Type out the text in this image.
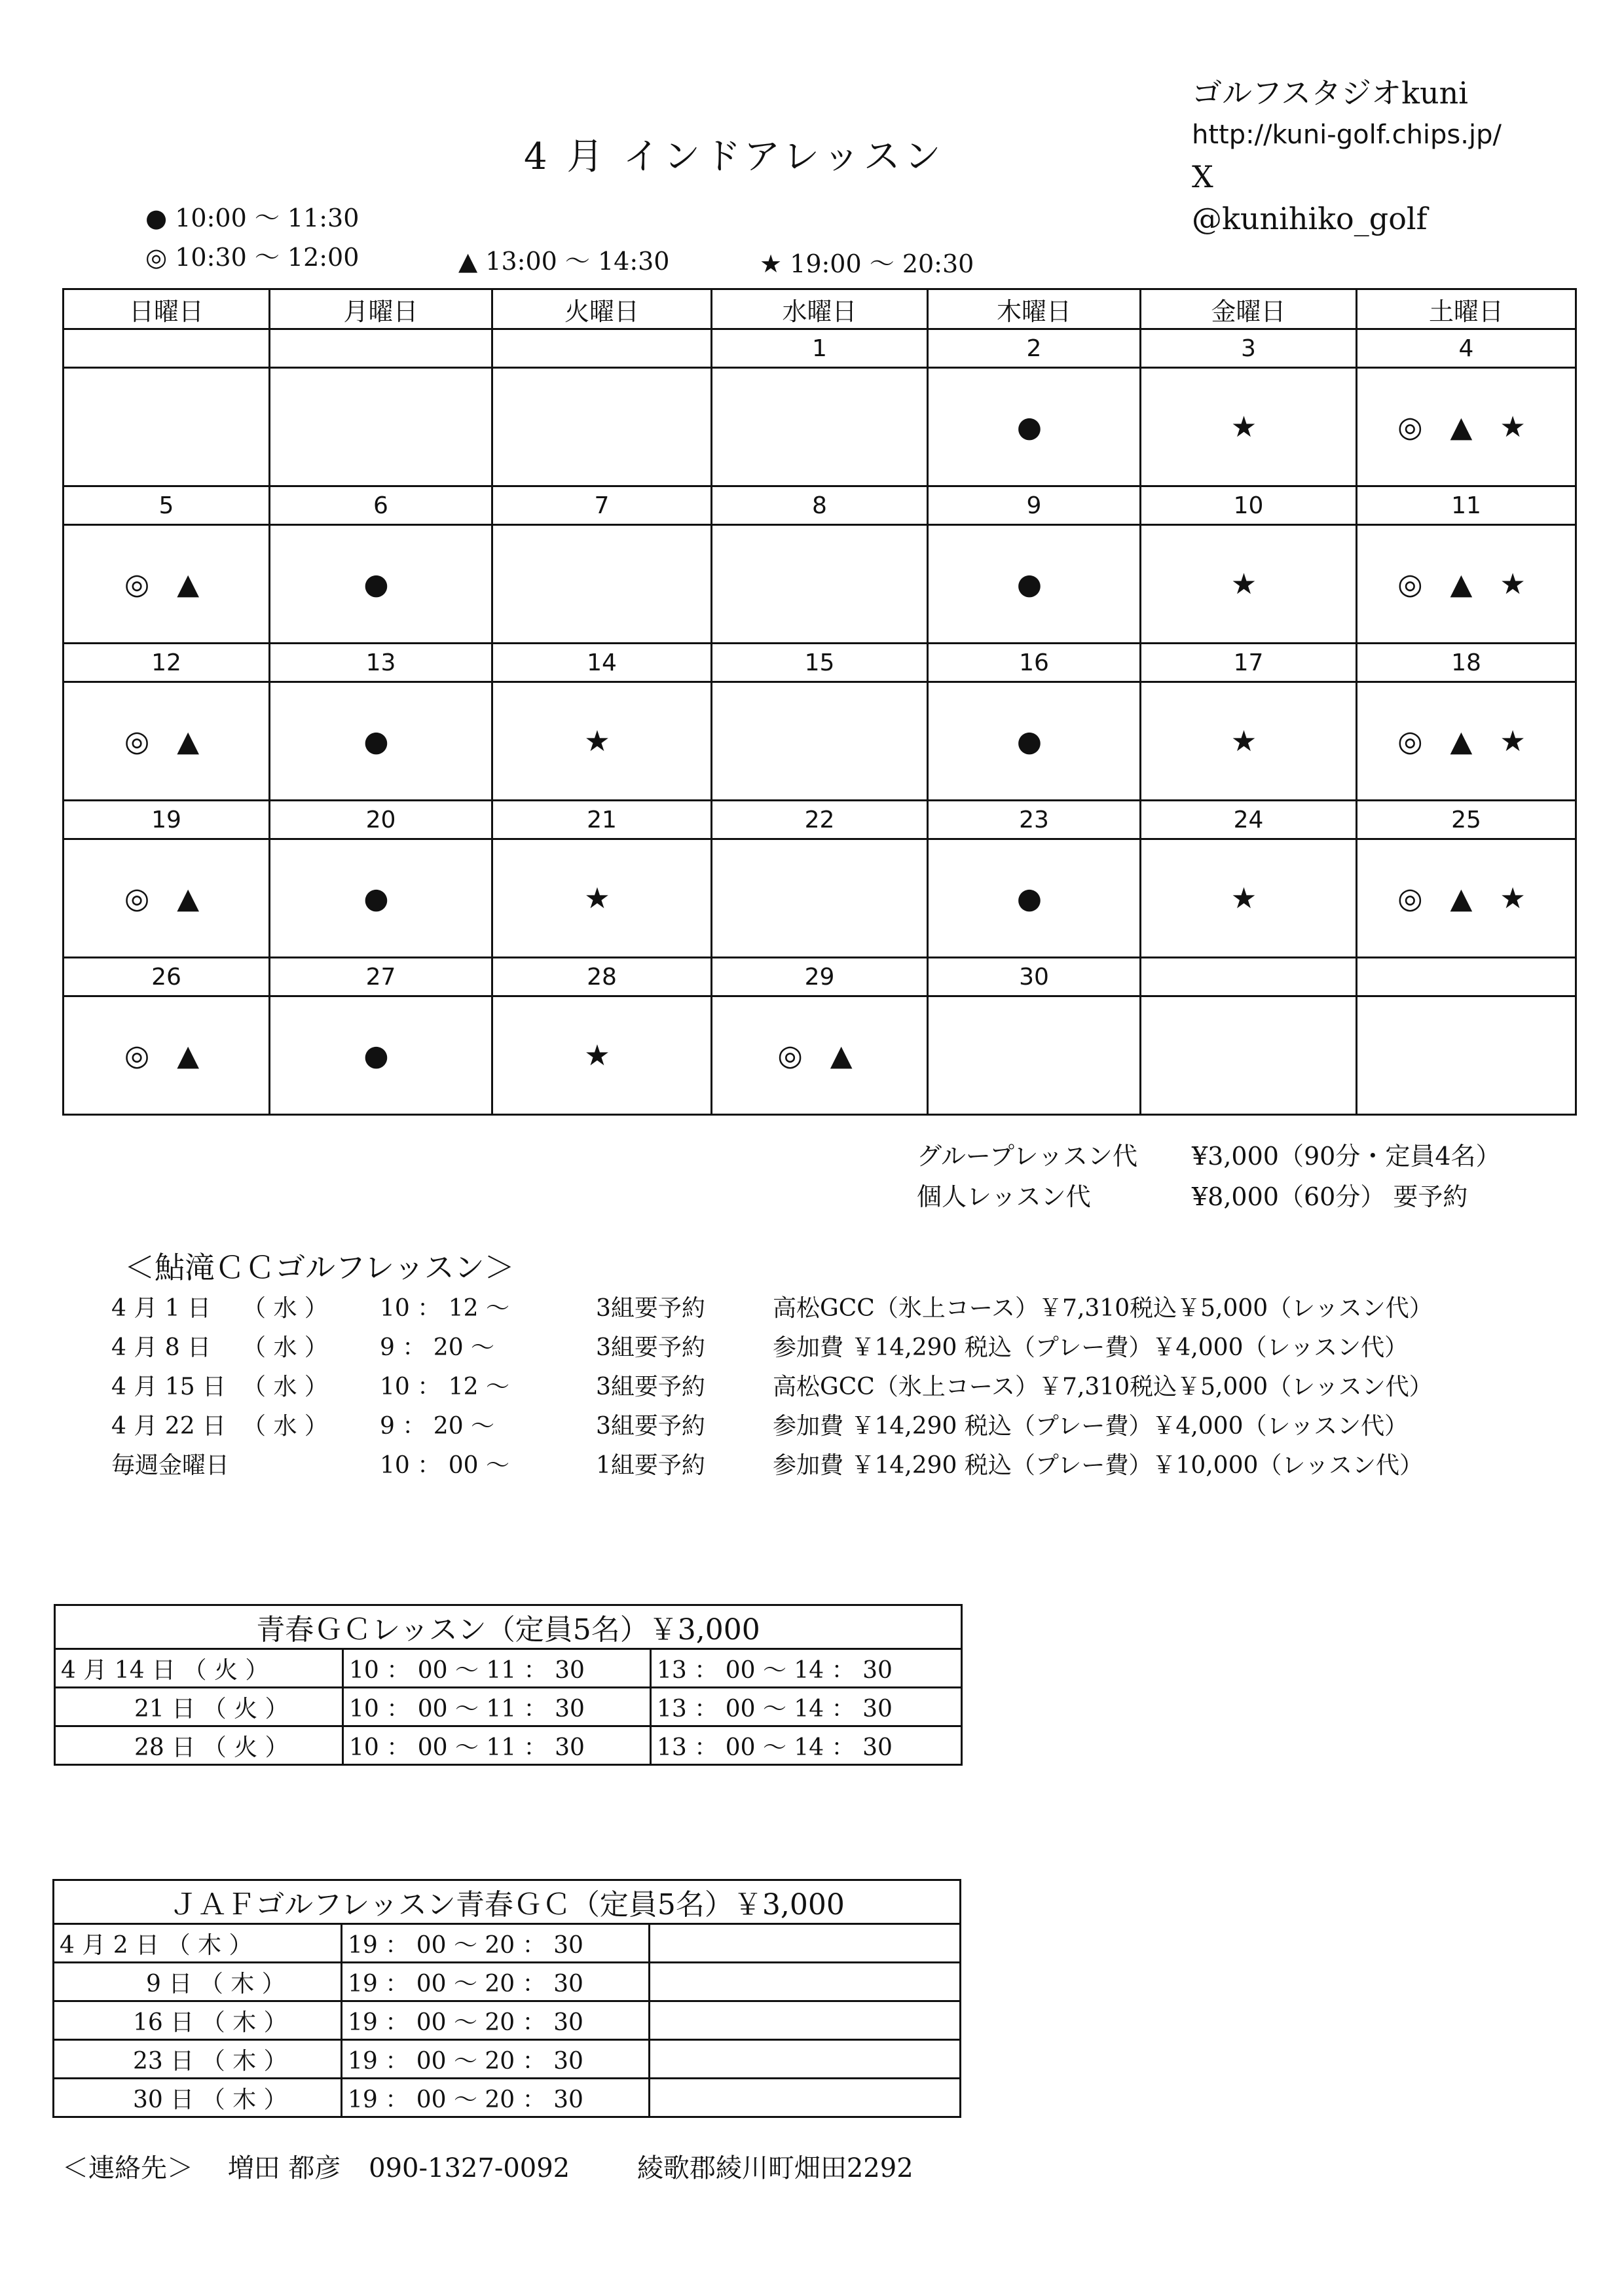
ゴルフスタジオkuni
http://kuni-golf.chips.jp/
X
@kunihiko_golf
4 月 インドアレッスン
● 10:00 ～ 11:30
◎ 10:30 ～ 12:00	▲ 13:00 ～ 14:30	★ 19:00 ～ 20:30
日曜日	月曜日	火曜日	水曜日	木曜日	金曜日	土曜日
			1	2	3	4
				●	★	◎ ▲ ★
5	6	7	8	9	10	11
◎ ▲	●			●	★	◎ ▲ ★
12	13	14	15	16	17	18
◎ ▲	●	★		●	★	◎ ▲ ★
19	20	21	22	23	24	25
◎ ▲	●	★		●	★	◎ ▲ ★
26	27	28	29	30		
◎ ▲	●	★	◎ ▲			
グループレッスン代	¥3,000（90分・定員4名）
個人レッスン代	¥8,000（60分） 要予約
＜鮎滝ＣＣゴルフレッスン＞
4 月 1 日	（ 水 ）	10 ： 12 ～	3組要予約	高松GCC（氷上コース）￥7,310税込￥5,000（レッスン代）
4 月 8 日	（ 水 ）	9 ： 20 ～	3組要予約	参加費 ￥14,290 税込（プレー費）￥4,000（レッスン代）
4 月 15 日 （ 水 ）	10 ： 12 ～	3組要予約	高松GCC（氷上コース）￥7,310税込￥5,000（レッスン代）
4 月 22 日 （ 水 ）	9 ： 20 ～	3組要予約	参加費 ￥14,290 税込（プレー費）￥4,000（レッスン代）
毎週金曜日	10 ： 00 ～	1組要予約	参加費 ￥14,290 税込（プレー費）￥10,000（レッスン代）
青春ＧＣレッスン（定員5名）￥3,000		
4 月 14 日 （ 火 ）	10 ： 00 ～ 11 ： 30	13 ： 00 ～ 14 ： 30
21 日 （ 火 ）	10 ： 00 ～ 11 ： 30	13 ： 00 ～ 14 ： 30
28 日 （ 火 ）	10 ： 00 ～ 11 ： 30	13 ： 00 ～ 14 ： 30
ＪＡＦゴルフレッスン青春ＧＣ（定員5名）￥3,000		
4 月 2 日 （ 木 ）	19 ： 00 ～ 20 ： 30	
9 日 （ 木 ）	19 ： 00 ～ 20 ： 30	
16 日 （ 木 ）	19 ： 00 ～ 20 ： 30	
23 日 （ 木 ）	19 ： 00 ～ 20 ： 30	
30 日 （ 木 ）	19 ： 00 ～ 20 ： 30	
＜連絡先＞ 増田 都彦 090-1327-0092	綾歌郡綾川町畑田2292
